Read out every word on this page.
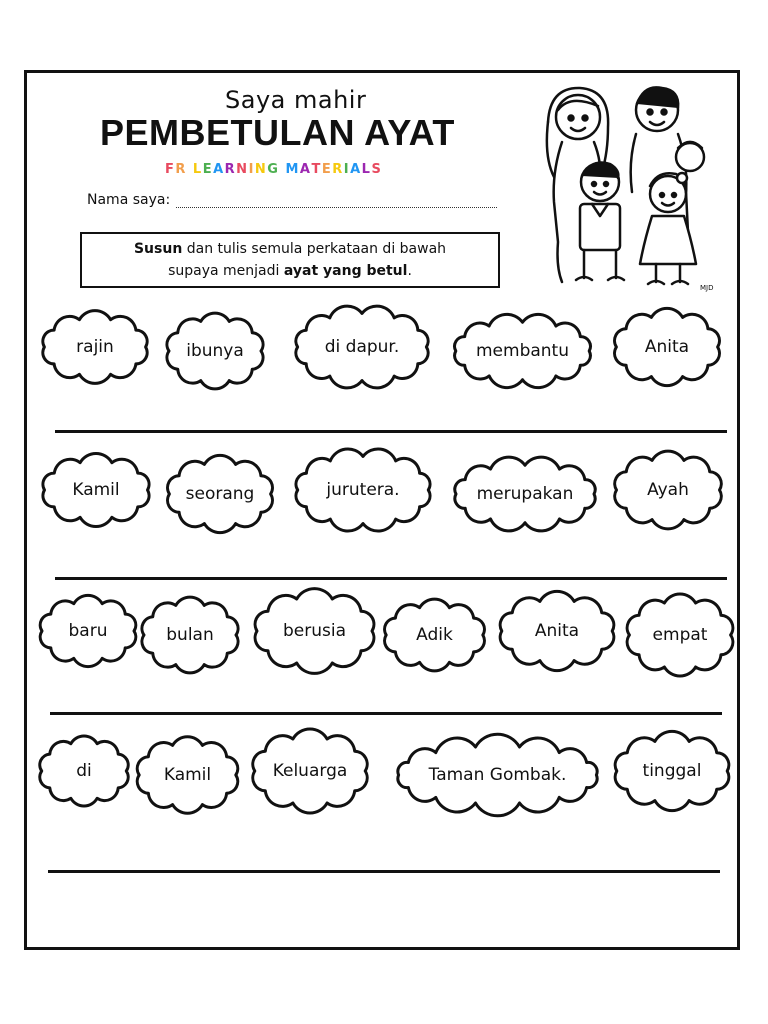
Saya mahir
PEMBETULAN AYAT
FR LEARNING MATERIALS
Nama saya:
Susun dan tulis semula perkataan di bawah
supaya menjadi ayat yang betul.
MJD
rajin	ibunya	di dapur.	membantu	Anita
Kamil	seorang	jurutera.	merupakan	Ayah
baru	bulan	berusia	Adik	Anita	empat
di	Kamil	Keluarga	Taman Gombak.	tinggal
